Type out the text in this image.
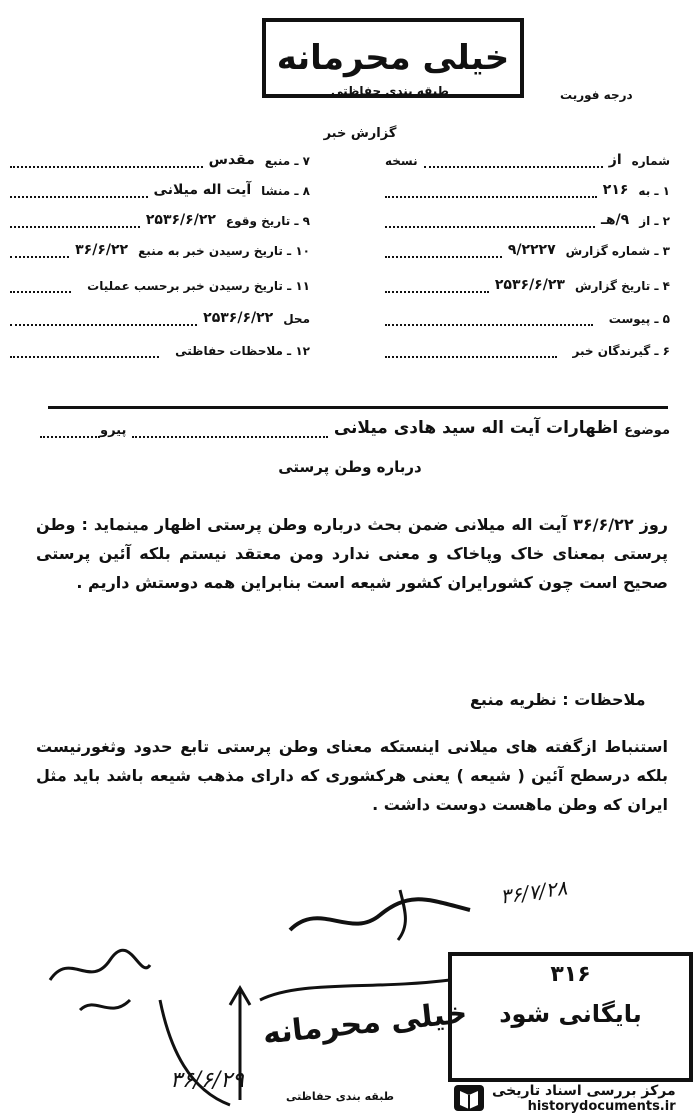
خیلی محرمانه
طبقه بندی حفاظتی	درجه فوریت
گزارش خبر
شماره
از
نسخه
۱ ـ به
۲۱۶
۲ ـ از
۹/هـ
۳ ـ شماره گزارش
۹/۲۲۲۷
۴ ـ تاریخ گزارش
۲۵۳۶/۶/۲۳
۵ ـ پیوست
۶ ـ گیرندگان خبر
۷ ـ منبع
مقدس
۸ ـ منشا
آیت اله میلانی
۹ ـ تاریخ وقوع
۲۵۳۶/۶/۲۲
۱۰ ـ تاریخ رسیدن خبر به منبع
۳۶/۶/۲۲
۱۱ ـ تاریخ رسیدن خبر برحسب عملیات
محل
۲۵۳۶/۶/۲۲
۱۲ ـ ملاحظات حفاظتی
موضوع
اظهارات آیت اله سید هادی میلانی
پیرو
درباره وطن پرستی
روز ۳۶/۶/۲۲ آیت اله میلانی ضمن بحث درباره وطن پرستی اظهار مینماید : وطن پرستی بمعنای خاک وپاخاک و معنی ندارد ومن معتقد نیستم بلکه آئین پرستی صحیح است چون کشورایران کشور شیعه است بنابراین همه دوستش داریم .
ملاحظات : نظریه منبع
استنباط ازگفته های میلانی اینستکه معنای وطن پرستی تابع حدود وثغورنیست بلکه درسطح آئین ( شیعه ) یعنی هرکشوری که دارای مذهب شیعه باشد باید مثل ایران که وطن ماهست دوست داشت .
۳۶/۷/۲۸
۳۱۶
بایگانی شود
خیلی محرمانه
طبقه بندی حفاظتی
۳۶/۶/۲۹	مرکز بررسی اسناد تاریخی
historydocuments.ir
